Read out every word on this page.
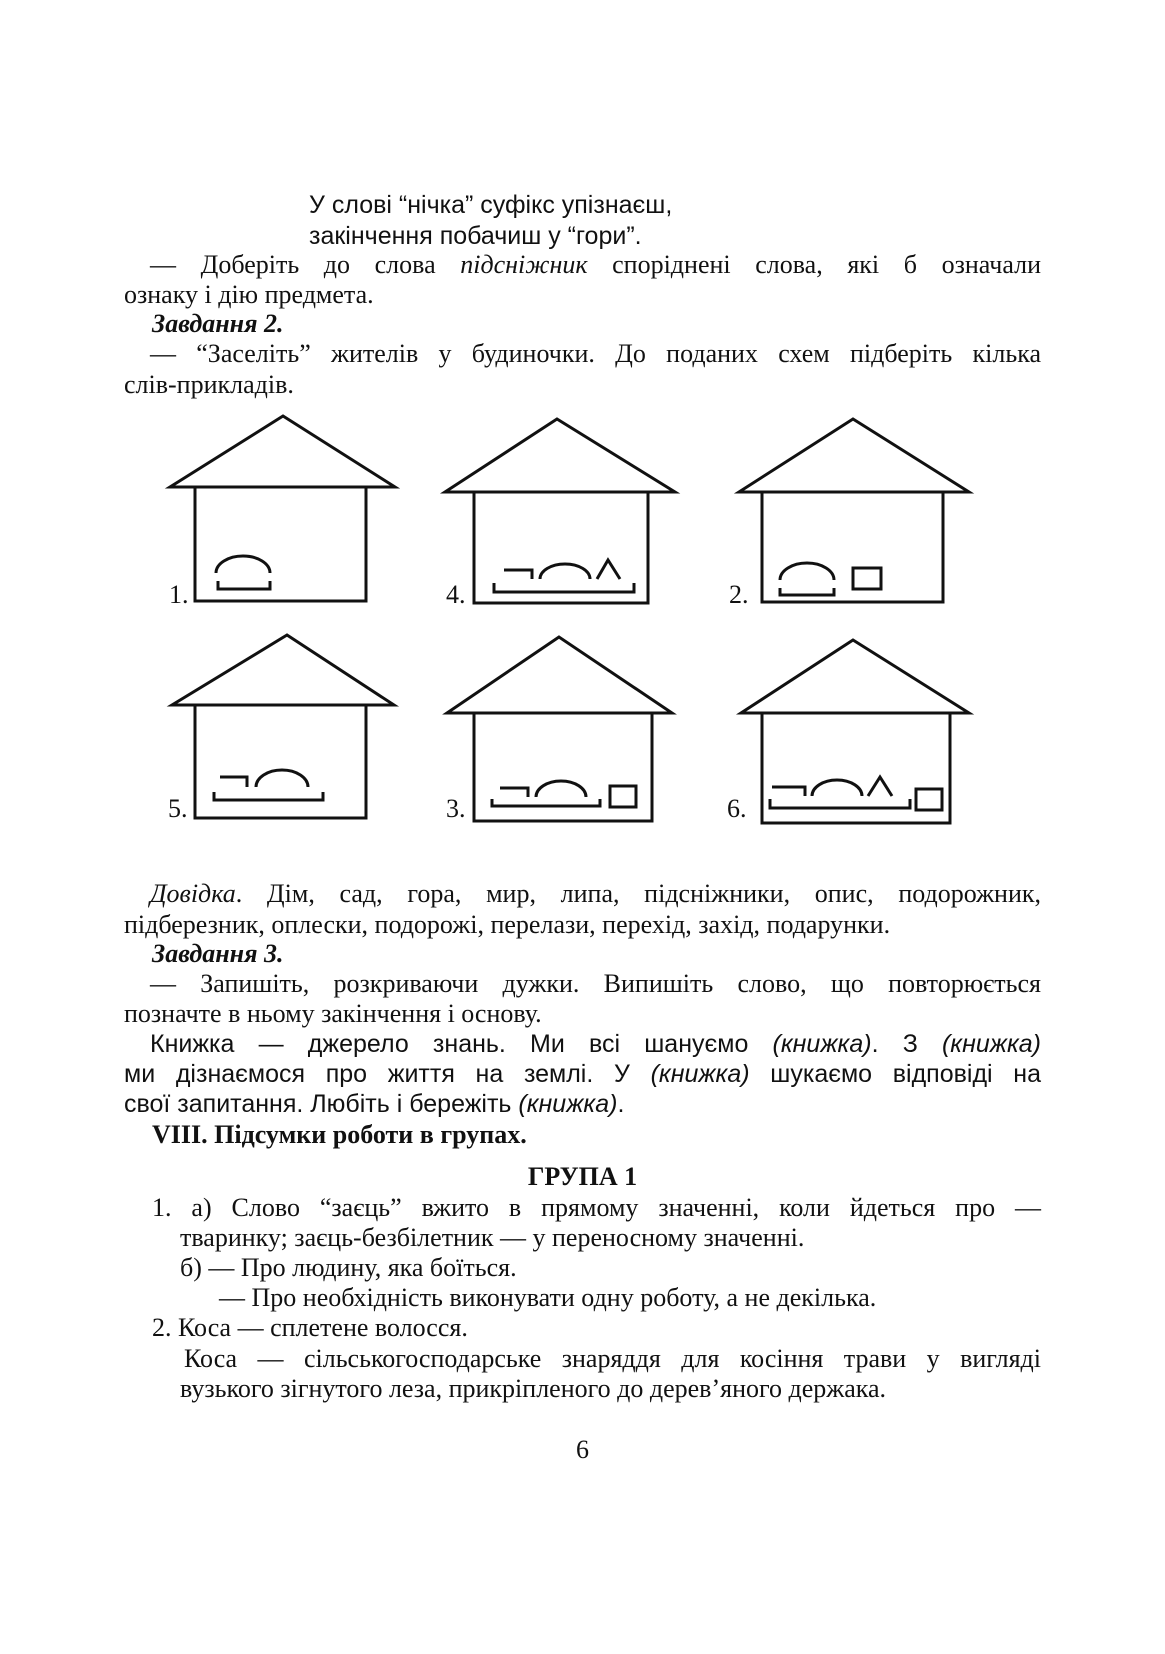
У слові “нічка” суфікс упізнаєш,
закінчення побачиш у “гори”.
— Доберіть до слова підсніжник споріднені слова, які б означали
ознаку і дію предмета.
Завдання 2.
— “Заселіть” жителів у будиночки. До поданих схем підберіть кілька
слів-прикладів.
1.	4.	2.
5.	3.	6.
Довідка. Дім, сад, гора, мир, липа, підсніжники, опис, подорожник,
підберезник, оплески, подорожі, перелази, перехід, захід, подарунки.
Завдання 3.
— Запишіть, розкриваючи дужки. Випишіть слово, що повторюється
позначте в ньому закінчення і основу.
Книжка — джерело знань. Ми всі шануємо (книжка). З (книжка)
ми дізнаємося про життя на землі. У (книжка) шукаємо відповіді на
свої запитання. Любіть і бережіть (книжка).
VIII. Підсумки роботи в групах.
ГРУПА 1
1. а) Слово “заєць” вжито в прямому значенні, коли йдеться про —
тваринку; заєць-безбілетник — у переносному значенні.
б) — Про людину, яка боїться.
— Про необхідність виконувати одну роботу, а не декілька.
2. Коса — сплетене волосся.
Коса — сільськогосподарське знаряддя для косіння трави у вигляді
вузького зігнутого леза, прикріпленого до дерев’яного держака.
6
